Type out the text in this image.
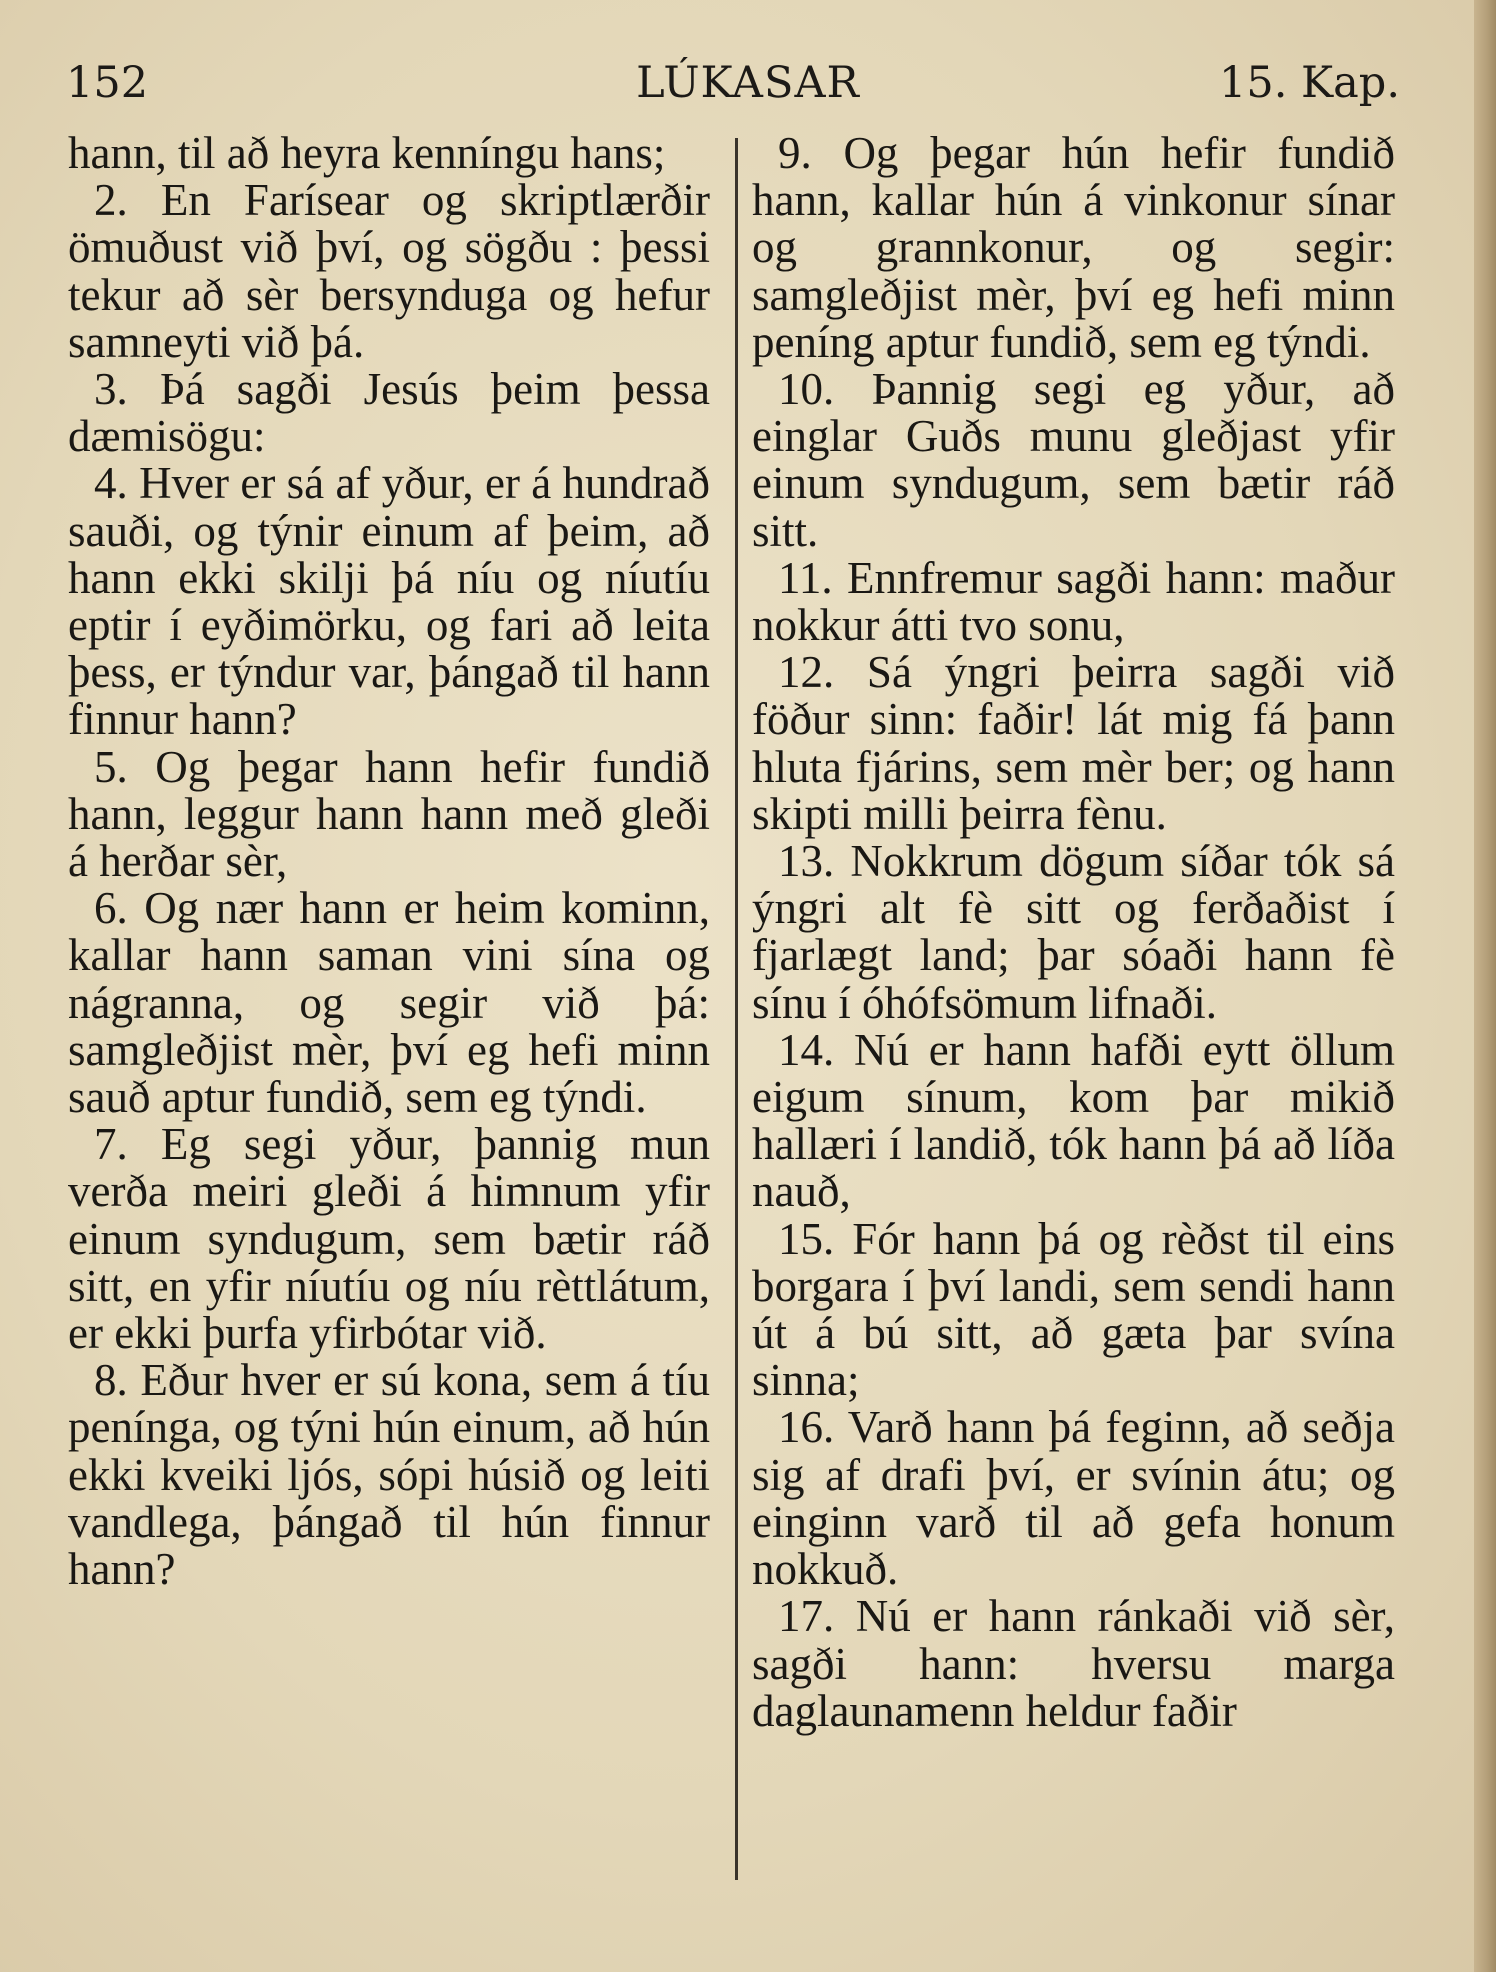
152	LÚKASAR	15. Kap.

hann, til að heyra kenníngu hans;

2. En Farísear og skriptlærðir ömuðust við því, og sögðu : þessi tekur að sèr bersynduga og hefur samneyti við þá.

3. Þá sagði Jesús þeim þessa dæmisögu:

4. Hver er sá af yður, er á hundrað sauði, og týnir einum af þeim, að hann ekki skilji þá níu og níutíu eptir í eyðimörku, og fari að leita þess, er týndur var, þángað til hann finnur hann?

5. Og þegar hann hefir fundið hann, leggur hann hann með gleði á herðar sèr,

6. Og nær hann er heim kominn, kallar hann saman vini sína og nágranna, og segir við þá: samgleðjist mèr, því eg hefi minn sauð aptur fundið, sem eg týndi.

7. Eg segi yður, þannig mun verða meiri gleði á himnum yfir einum syndugum, sem bætir ráð sitt, en yfir níutíu og níu rèttlátum, er ekki þurfa yfirbótar við.

8. Eður hver er sú kona, sem á tíu penínga, og týni hún einum, að hún ekki kveiki ljós, sópi húsið og leiti vandlega, þángað til hún finnur hann?

9. Og þegar hún hefir fundið hann, kallar hún á vinkonur sínar og grannkonur, og segir: samgleðjist mèr, því eg hefi minn peníng aptur fundið, sem eg týndi.

10. Þannig segi eg yður, að einglar Guðs munu gleðjast yfir einum syndugum, sem bætir ráð sitt.

11. Ennfremur sagði hann: maður nokkur átti tvo sonu,

12. Sá ýngri þeirra sagði við föður sinn: faðir! lát mig fá þann hluta fjárins, sem mèr ber; og hann skipti milli þeirra fènu.

13. Nokkrum dögum síðar tók sá ýngri alt fè sitt og ferðaðist í fjarlægt land; þar sóaði hann fè sínu í óhófsömum lifnaði.

14. Nú er hann hafði eytt öllum eigum sínum, kom þar mikið hallæri í landið, tók hann þá að líða nauð,

15. Fór hann þá og rèðst til eins borgara í því landi, sem sendi hann út á bú sitt, að gæta þar svína sinna;

16. Varð hann þá feginn, að seðja sig af drafi því, er svínin átu; og einginn varð til að gefa honum nokkuð.

17. Nú er hann ránkaði við sèr, sagði hann: hversu marga daglaunamenn heldur faðir
